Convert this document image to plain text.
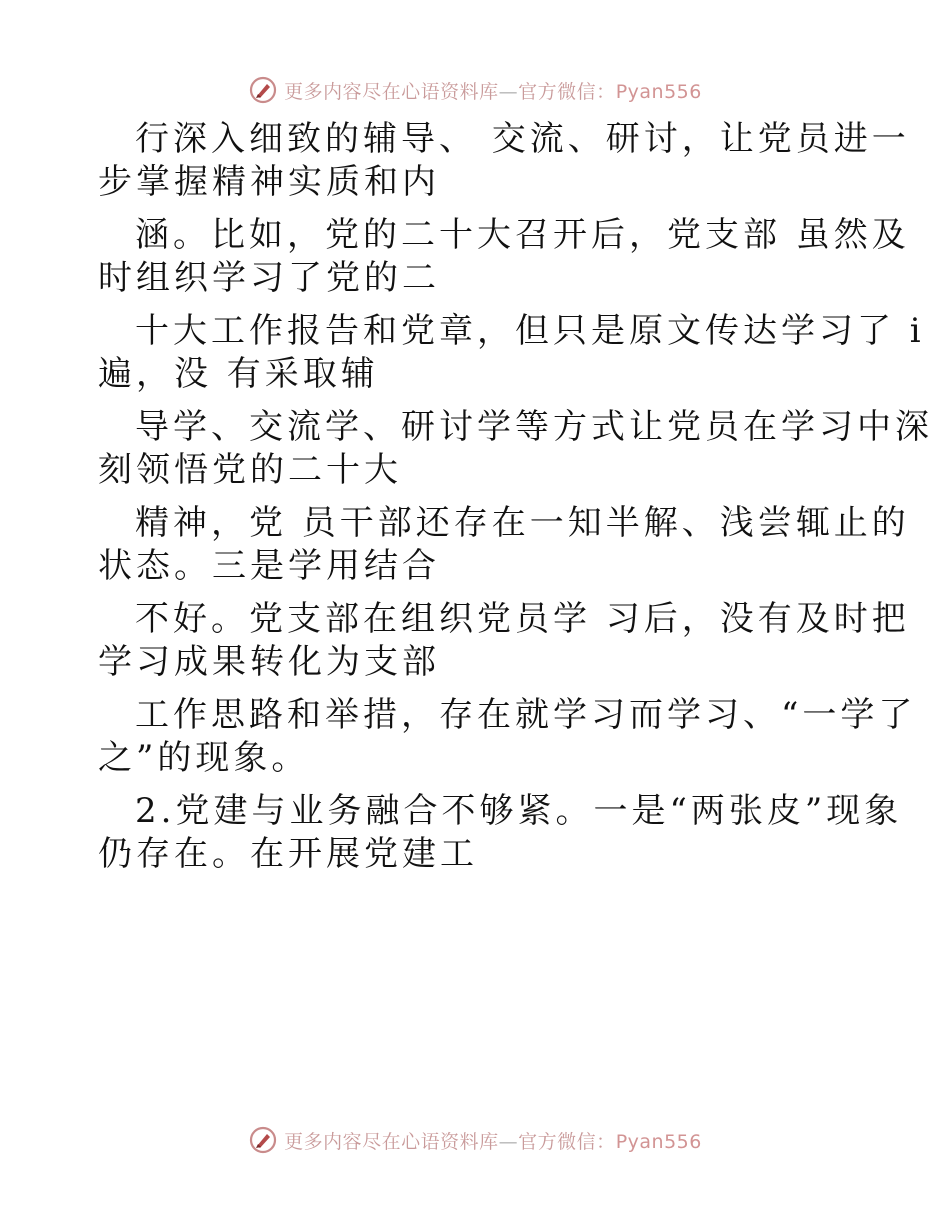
更多内容尽在心语资料库—官方微信：Pyan556
行深入细致的辅导、 交流、研讨，让党员进一
步掌握精神实质和内
涵。比如，党的二十大召开后，党支部 虽然及
时组织学习了党的二
十大工作报告和党章，但只是原文传达学习了 i
遍，没 有采取辅
导学、交流学、研讨学等方式让党员在学习中深
刻领悟党的二十大
精神，党 员干部还存在一知半解、浅尝辄止的
状态。三是学用结合
不好。党支部在组织党员学 习后，没有及时把
学习成果转化为支部
工作思路和举措，存在就学习而学习、“一学了
之”的现象。
2.党建与业务融合不够紧。一是“两张皮”现象
仍存在。在开展党建工
更多内容尽在心语资料库—官方微信：Pyan556
